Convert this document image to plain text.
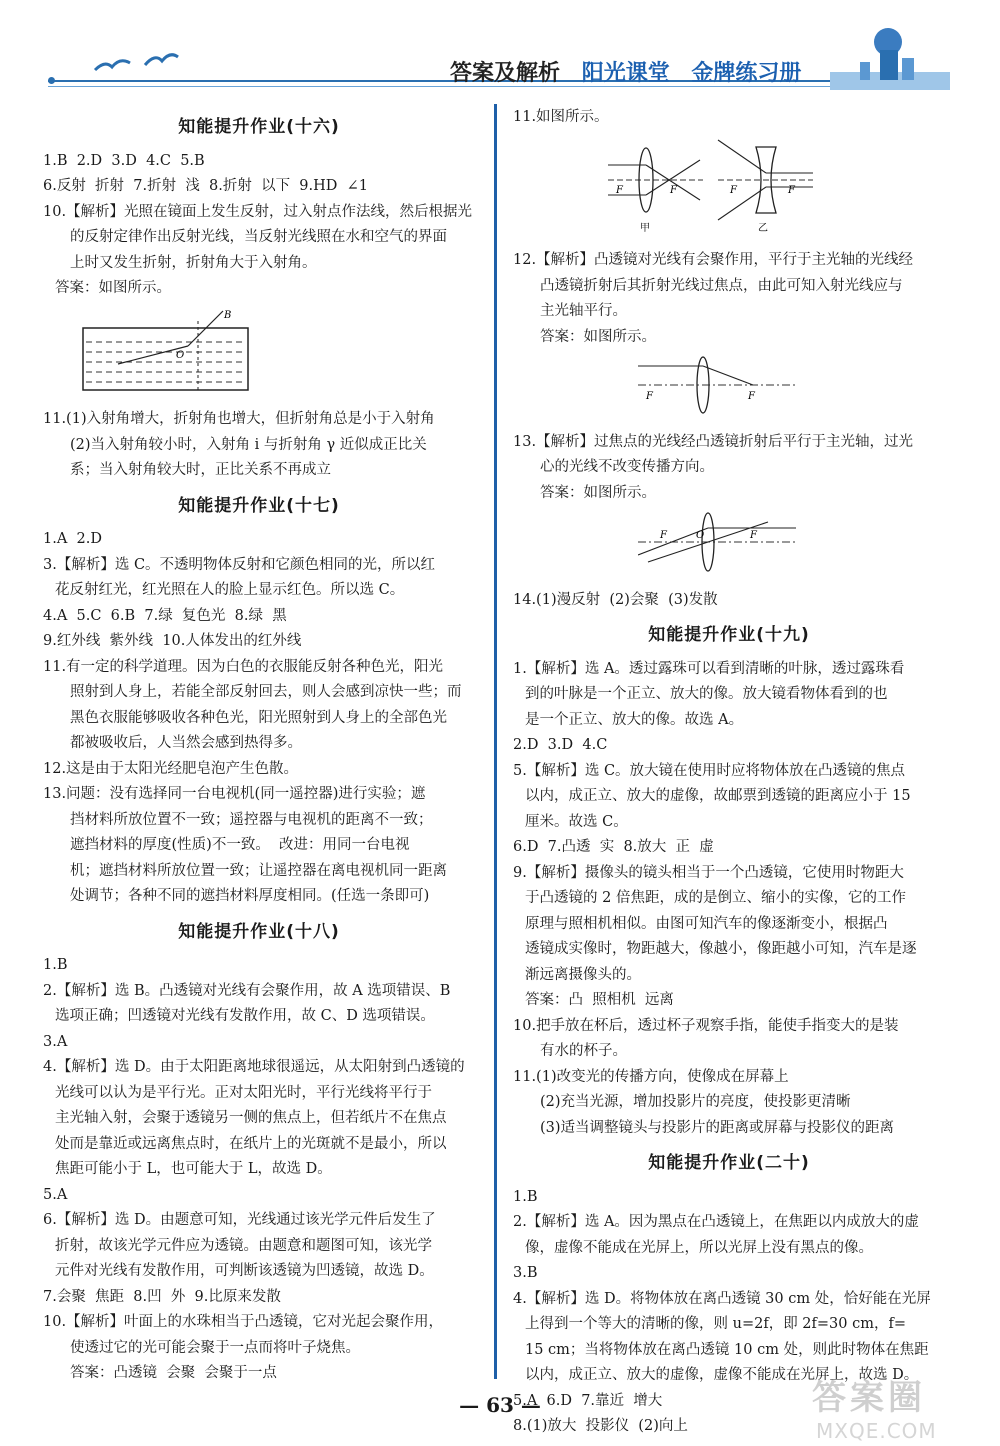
答案及解析 阳光课堂 金牌练习册
知能提升作业(十六)
1.B  2.D  3.D  4.C  5.B
6.反射  折射  7.折射  浅  8.折射  以下  9.HD  ∠1
10.【解析】光照在镜面上发生反射，过入射点作法线，然后根据光
的反射定律作出反射光线，当反射光线照在水和空气的界面
上时又发生折射，折射角大于入射角。
答案：如图所示。
B
O
11.(1)入射角增大，折射角也增大，但折射角总是小于入射角
(2)当入射角较小时，入射角 i 与折射角 γ 近似成正比关
系；当入射角较大时，正比关系不再成立
知能提升作业(十七)
1.A  2.D
3.【解析】选 C。不透明物体反射和它颜色相同的光，所以红
花反射红光，红光照在人的脸上显示红色。所以选 C。
4.A  5.C  6.B  7.绿  复色光  8.绿  黑
9.红外线  紫外线  10.人体发出的红外线
11.有一定的科学道理。因为白色的衣服能反射各种色光，阳光
照射到人身上，若能全部反射回去，则人会感到凉快一些；而
黑色衣服能够吸收各种色光，阳光照射到人身上的全部色光
都被吸收后，人当然会感到热得多。
12.这是由于太阳光经肥皂泡产生色散。
13.问题：没有选择同一台电视机(同一遥控器)进行实验；遮
挡材料所放位置不一致；遥控器与电视机的距离不一致；
遮挡材料的厚度(性质)不一致。  改进：用同一台电视
机；遮挡材料所放位置一致；让遥控器在离电视机同一距离
处调节；各种不同的遮挡材料厚度相同。(任选一条即可)
知能提升作业(十八)
1.B
2.【解析】选 B。凸透镜对光线有会聚作用，故 A 选项错误、B
选项正确；凹透镜对光线有发散作用，故 C、D 选项错误。
3.A
4.【解析】选 D。由于太阳距离地球很遥远，从太阳射到凸透镜的
光线可以认为是平行光。正对太阳光时，平行光线将平行于
主光轴入射，会聚于透镜另一侧的焦点上，但若纸片不在焦点
处而是靠近或远离焦点时，在纸片上的光斑就不是最小，所以
焦距可能小于 L，也可能大于 L，故选 D。
5.A
6.【解析】选 D。由题意可知，光线通过该光学元件后发生了
折射，故该光学元件应为透镜。由题意和题图可知，该光学
元件对光线有发散作用，可判断该透镜为凹透镜，故选 D。
7.会聚  焦距  8.凹  外  9.比原来发散
10.【解析】叶面上的水珠相当于凸透镜，它对光起会聚作用，
使透过它的光可能会聚于一点而将叶子烧焦。
答案：凸透镜  会聚  会聚于一点
11.如图所示。
F	F
甲
F	F
乙
12.【解析】凸透镜对光线有会聚作用，平行于主光轴的光线经
凸透镜折射后其折射光线过焦点，由此可知入射光线应与
主光轴平行。
答案：如图所示。
F	F
13.【解析】过焦点的光线经凸透镜折射后平行于主光轴，过光
心的光线不改变传播方向。
答案：如图所示。
F	O	F
14.(1)漫反射  (2)会聚  (3)发散
知能提升作业(十九)
1.【解析】选 A。透过露珠可以看到清晰的叶脉，透过露珠看
到的叶脉是一个正立、放大的像。放大镜看物体看到的也
是一个正立、放大的像。故选 A。
2.D  3.D  4.C
5.【解析】选 C。放大镜在使用时应将物体放在凸透镜的焦点
以内，成正立、放大的虚像，故邮票到透镜的距离应小于 15
厘米。故选 C。
6.D  7.凸透  实  8.放大  正  虚
9.【解析】摄像头的镜头相当于一个凸透镜，它使用时物距大
于凸透镜的 2 倍焦距，成的是倒立、缩小的实像，它的工作
原理与照相机相似。由图可知汽车的像逐渐变小，根据凸
透镜成实像时，物距越大，像越小，像距越小可知，汽车是逐
渐远离摄像头的。
答案：凸  照相机  远离
10.把手放在杯后，透过杯子观察手指，能使手指变大的是装
有水的杯子。
11.(1)改变光的传播方向，使像成在屏幕上
(2)充当光源，增加投影片的亮度，使投影更清晰
(3)适当调整镜头与投影片的距离或屏幕与投影仪的距离
知能提升作业(二十)
1.B
2.【解析】选 A。因为黑点在凸透镜上，在焦距以内成放大的虚
像，虚像不能成在光屏上，所以光屏上没有黑点的像。
3.B
4.【解析】选 D。将物体放在离凸透镜 30 cm 处，恰好能在光屏
上得到一个等大的清晰的像，则 u=2f，即 2f=30 cm，f=
15 cm；当将物体放在离凸透镜 10 cm 处，则此时物体在焦距
以内，成正立、放大的虚像，虚像不能成在光屏上，故选 D。
5.A  6.D  7.靠近  增大
8.(1)放大  投影仪  (2)向上
— 63 —	答案圈
MXQE.COM
